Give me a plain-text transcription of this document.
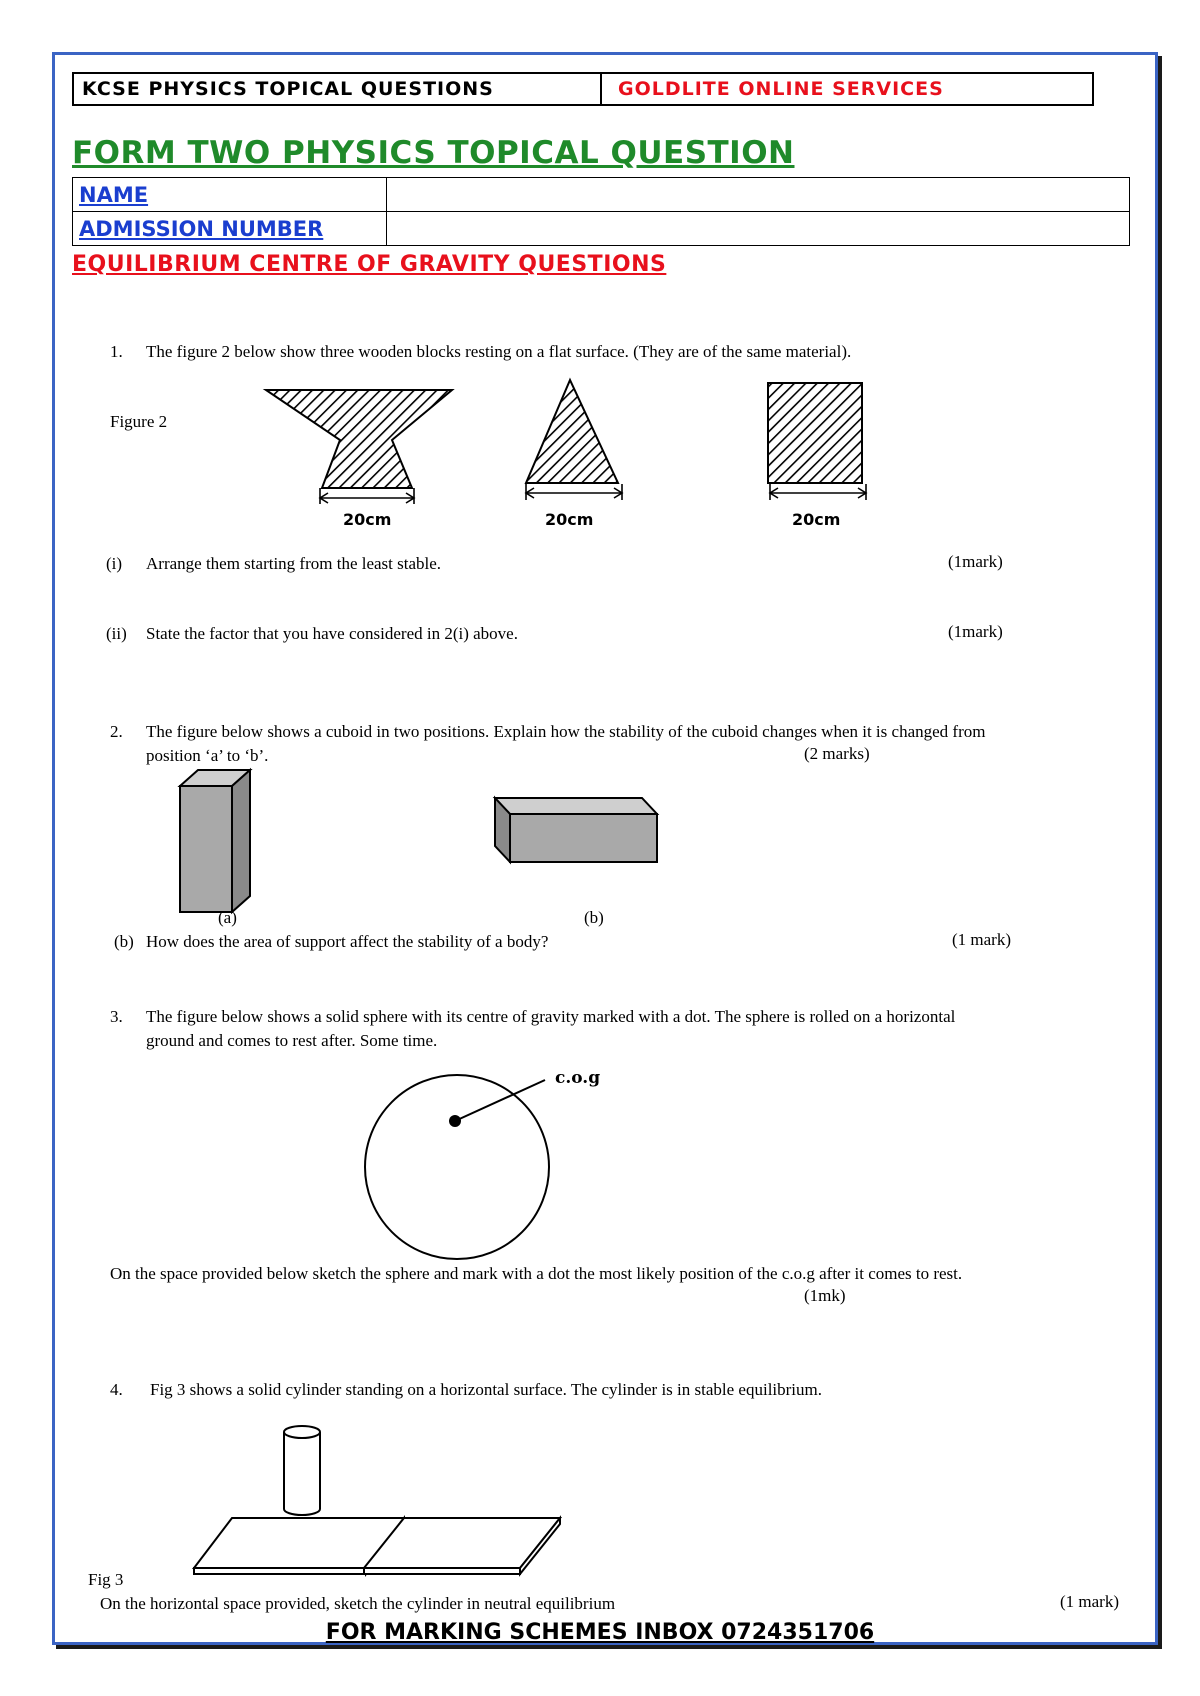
KCSE PHYSICS TOPICAL QUESTIONS	GOLDLITE ONLINE SERVICES
FORM TWO PHYSICS TOPICAL QUESTION
NAME	
ADMISSION NUMBER	
EQUILIBRIUM CENTRE OF GRAVITY QUESTIONS
1. The figure 2 below show three wooden blocks resting on a flat surface. (They are of the same material).
Figure 2
20cm	20cm	20cm
(i) Arrange them starting from the least stable.	(1mark)
(ii) State the factor that you have considered in 2(i) above.	(1mark)
2. The figure below shows a cuboid in two positions. Explain how the stability of the cuboid changes when it is changed from
position ‘a’ to ‘b’.	(2 marks)
(a)	(b)
(b) How does the area of support affect the stability of a body?	(1 mark)
3. The figure below shows a solid sphere with its centre of gravity marked with a dot. The sphere is rolled on a horizontal
ground and comes to rest after. Some time.
c.o.g
On the space provided below sketch the sphere and mark with a dot the most likely position of the c.o.g after it comes to rest.
(1mk)
4. Fig 3 shows a solid cylinder standing on a horizontal surface. The cylinder is in stable equilibrium.
Fig 3
On the horizontal space provided, sketch the cylinder in neutral equilibrium	(1 mark)
FOR MARKING SCHEMES INBOX 0724351706
